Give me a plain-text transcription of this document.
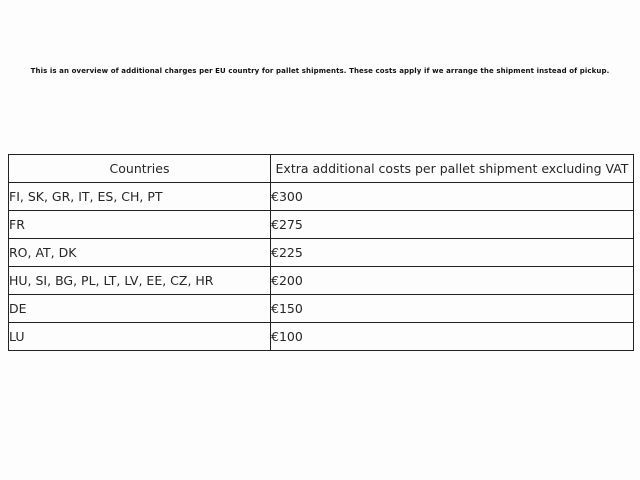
This is an overview of additional charges per EU country for pallet shipments. These costs apply if we arrange the shipment instead of pickup.
Countries	Extra additional costs per pallet shipment excluding VAT
FI, SK, GR, IT, ES, CH, PT	€300
FR	€275
RO, AT, DK	€225
HU, SI, BG, PL, LT, LV, EE, CZ, HR	€200
DE	€150
LU	€100
